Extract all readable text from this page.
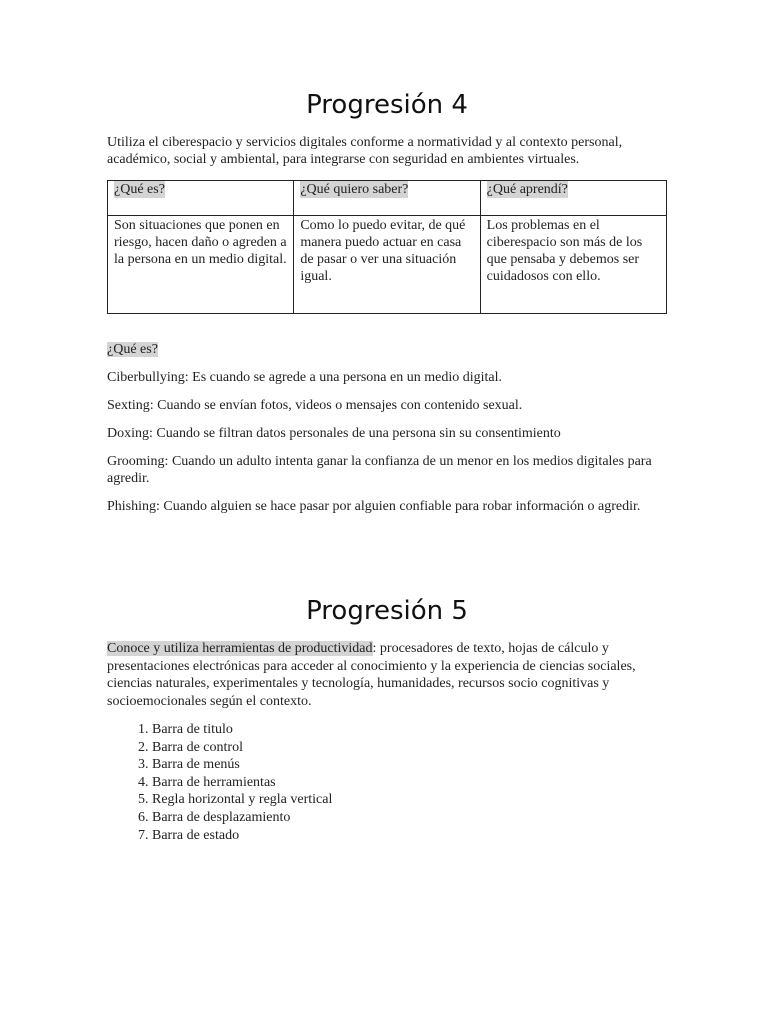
Progresión 4

Utiliza el ciberespacio y servicios digitales conforme a normatividad y al contexto personal, académico, social y ambiental, para integrarse con seguridad en ambientes virtuales.

¿Qué es?	¿Qué quiero saber?	¿Qué aprendí?
Son situaciones que ponen en riesgo, hacen daño o agreden a la persona en un medio digital.	Como lo puedo evitar, de qué manera puedo actuar en casa de pasar o ver una situación igual.	Los problemas en el ciberespacio son más de los que pensaba y debemos ser cuidadosos con ello.

¿Qué es?

Ciberbullying: Es cuando se agrede a una persona en un medio digital.

Sexting: Cuando se envían fotos, videos o mensajes con contenido sexual.

Doxing: Cuando se filtran datos personales de una persona sin su consentimiento

Grooming: Cuando un adulto intenta ganar la confianza de un menor en los medios digitales para agredir.

Phishing: Cuando alguien se hace pasar por alguien confiable para robar información o agredir.

Progresión 5

Conoce y utiliza herramientas de productividad: procesadores de texto, hojas de cálculo y presentaciones electrónicas para acceder al conocimiento y la experiencia de ciencias sociales, ciencias naturales, experimentales y tecnología, humanidades, recursos socio cognitivas y socioemocionales según el contexto.

1. Barra de titulo
2. Barra de control
3. Barra de menús
4. Barra de herramientas
5. Regla horizontal y regla vertical
6. Barra de desplazamiento
7. Barra de estado
